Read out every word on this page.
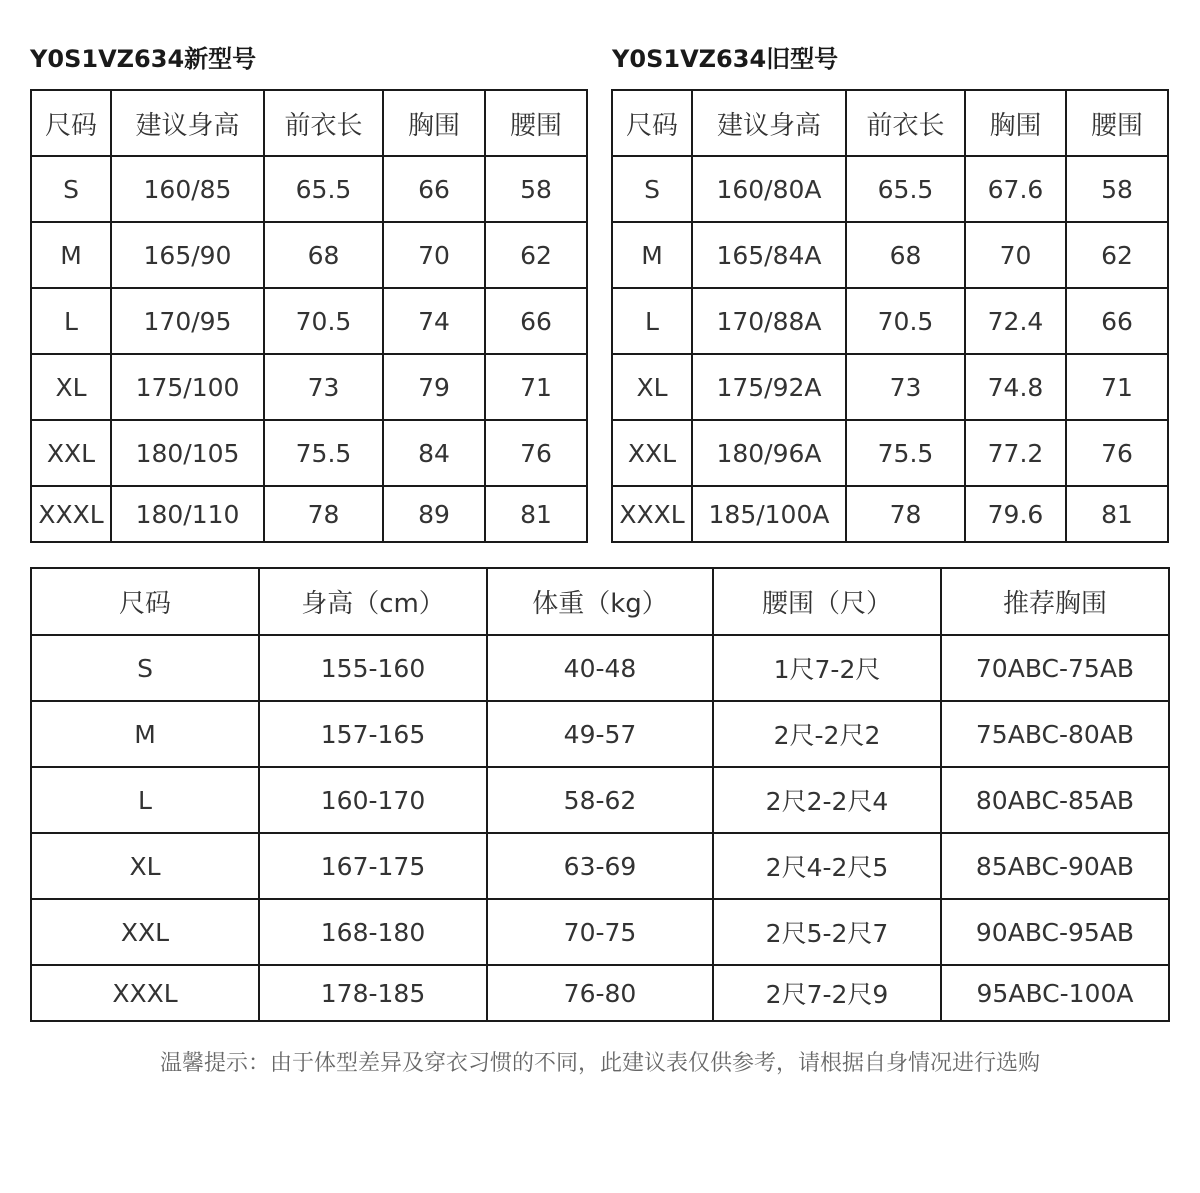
Y0S1VZ634新型号	Y0S1VZ634旧型号
尺码	建议身高	前衣长	胸围	腰围
S	160/85	65.5	66	58
M	165/90	68	70	62
L	170/95	70.5	74	66
XL	175/100	73	79	71
XXL	180/105	75.5	84	76
XXXL	180/110	78	89	81
尺码	建议身高	前衣长	胸围	腰围
S	160/80A	65.5	67.6	58
M	165/84A	68	70	62
L	170/88A	70.5	72.4	66
XL	175/92A	73	74.8	71
XXL	180/96A	75.5	77.2	76
XXXL	185/100A	78	79.6	81
尺码	身高（cm）	体重（kg）	腰围（尺）	推荐胸围
S	155-160	40-48	1尺7-2尺	70ABC-75AB
M	157-165	49-57	2尺-2尺2	75ABC-80AB
L	160-170	58-62	2尺2-2尺4	80ABC-85AB
XL	167-175	63-69	2尺4-2尺5	85ABC-90AB
XXL	168-180	70-75	2尺5-2尺7	90ABC-95AB
XXXL	178-185	76-80	2尺7-2尺9	95ABC-100A
温馨提示：由于体型差异及穿衣习惯的不同，此建议表仅供参考，请根据自身情况进行选购
